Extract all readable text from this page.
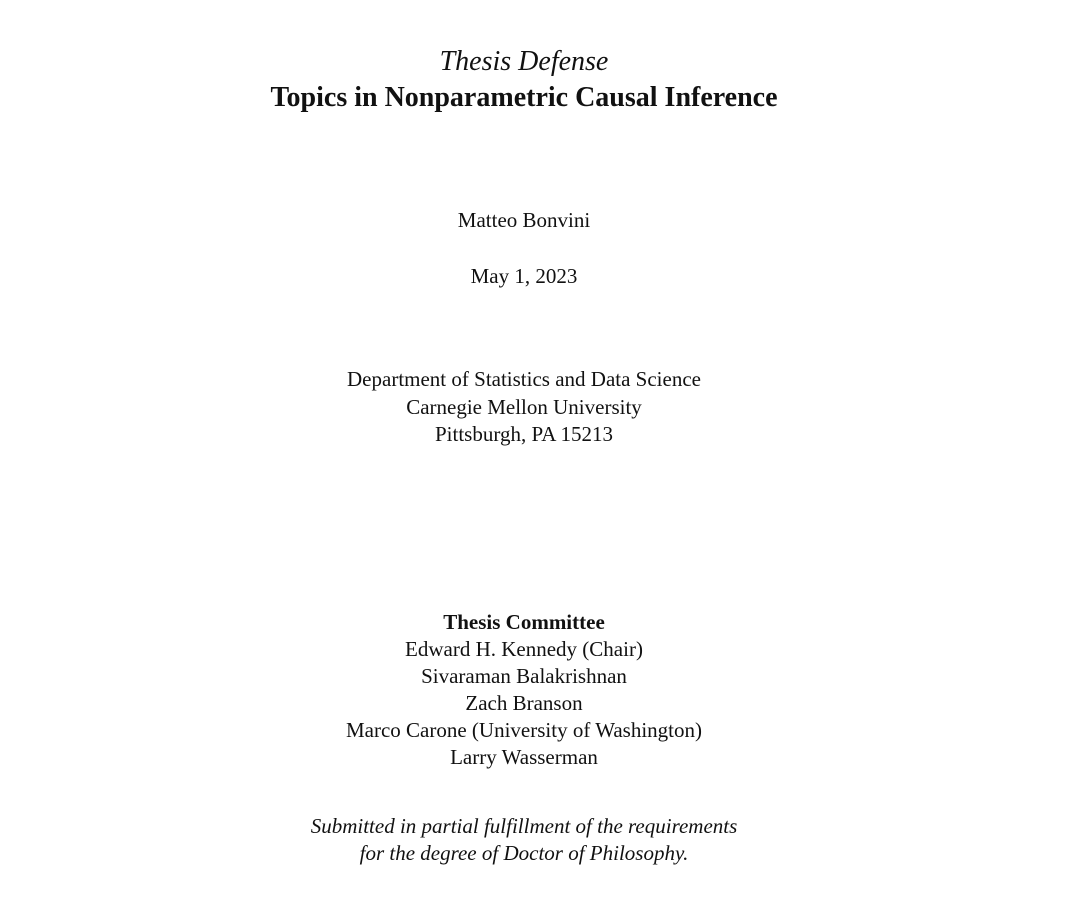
Thesis Defense
Topics in Nonparametric Causal Inference
Matteo Bonvini
May 1, 2023
Department of Statistics and Data Science
Carnegie Mellon University
Pittsburgh, PA 15213
Thesis Committee
Edward H. Kennedy (Chair)
Sivaraman Balakrishnan
Zach Branson
Marco Carone (University of Washington)
Larry Wasserman
Submitted in partial fulfillment of the requirements
for the degree of Doctor of Philosophy.
